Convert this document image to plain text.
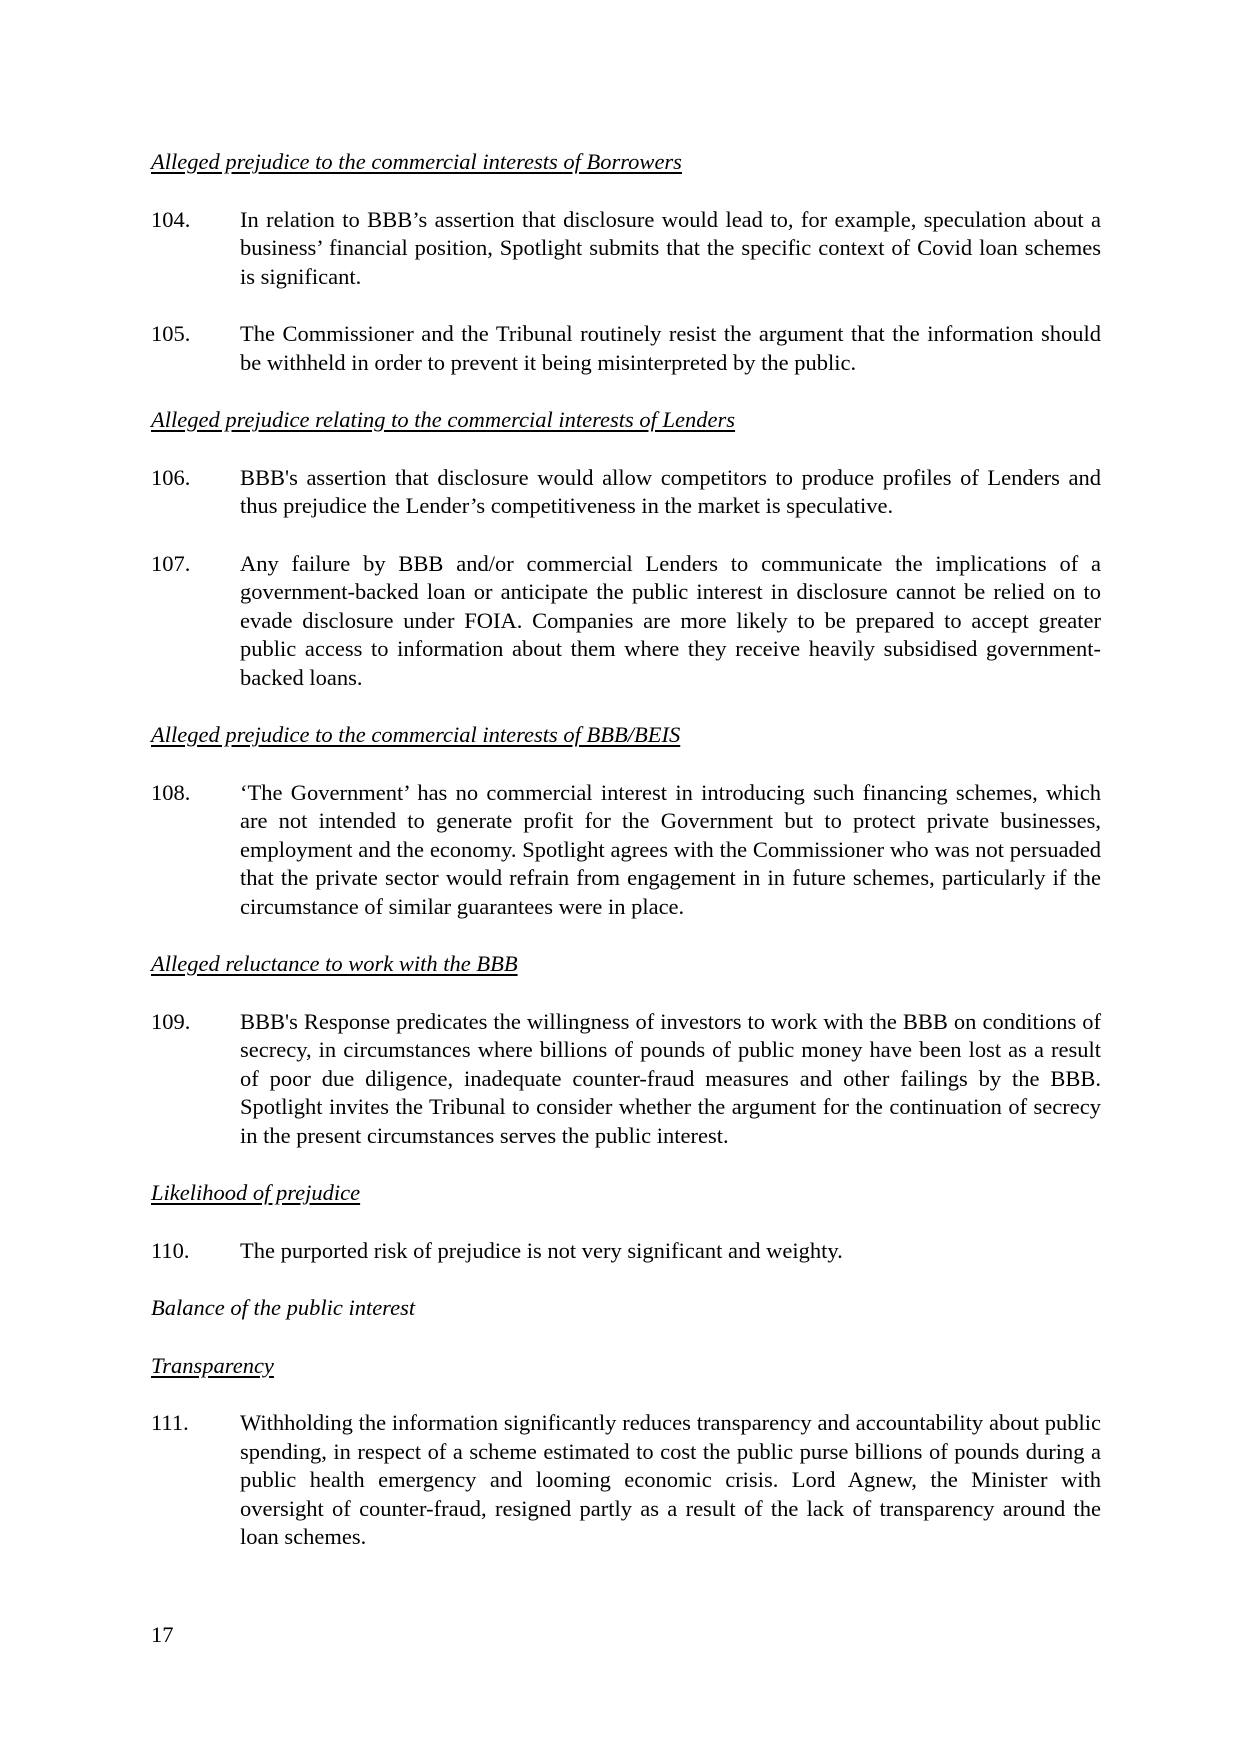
Alleged prejudice to the commercial interests of Borrowers
104.	In relation to BBB’s assertion that disclosure would lead to, for example, speculation about a business’ financial position, Spotlight submits that the specific context of Covid loan schemes is significant.
105.	The Commissioner and the Tribunal routinely resist the argument that the information should be withheld in order to prevent it being misinterpreted by the public.
Alleged prejudice relating to the commercial interests of Lenders
106.	BBB's assertion that disclosure would allow competitors to produce profiles of Lenders and thus prejudice the Lender’s competitiveness in the market is speculative.
107.	Any failure by BBB and/or commercial Lenders to communicate the implications of a government-backed loan or anticipate the public interest in disclosure cannot be relied on to evade disclosure under FOIA. Companies are more likely to be prepared to accept greater public access to information about them where they receive heavily subsidised government-backed loans.
Alleged prejudice to the commercial interests of BBB/BEIS
108.	‘The Government’ has no commercial interest in introducing such financing schemes, which are not intended to generate profit for the Government but to protect private businesses, employment and the economy. Spotlight agrees with the Commissioner who was not persuaded that the private sector would refrain from engagement in in future schemes, particularly if the circumstance of similar guarantees were in place.
Alleged reluctance to work with the BBB
109.	BBB's Response predicates the willingness of investors to work with the BBB on conditions of secrecy, in circumstances where billions of pounds of public money have been lost as a result of poor due diligence, inadequate counter-fraud measures and other failings by the BBB. Spotlight invites the Tribunal to consider whether the argument for the continuation of secrecy in the present circumstances serves the public interest.
Likelihood of prejudice
110.	The purported risk of prejudice is not very significant and weighty.
Balance of the public interest
Transparency
111.	Withholding the information significantly reduces transparency and accountability about public spending, in respect of a scheme estimated to cost the public purse billions of pounds during a public health emergency and looming economic crisis. Lord Agnew, the Minister with oversight of counter-fraud, resigned partly as a result of the lack of transparency around the loan schemes.
17
